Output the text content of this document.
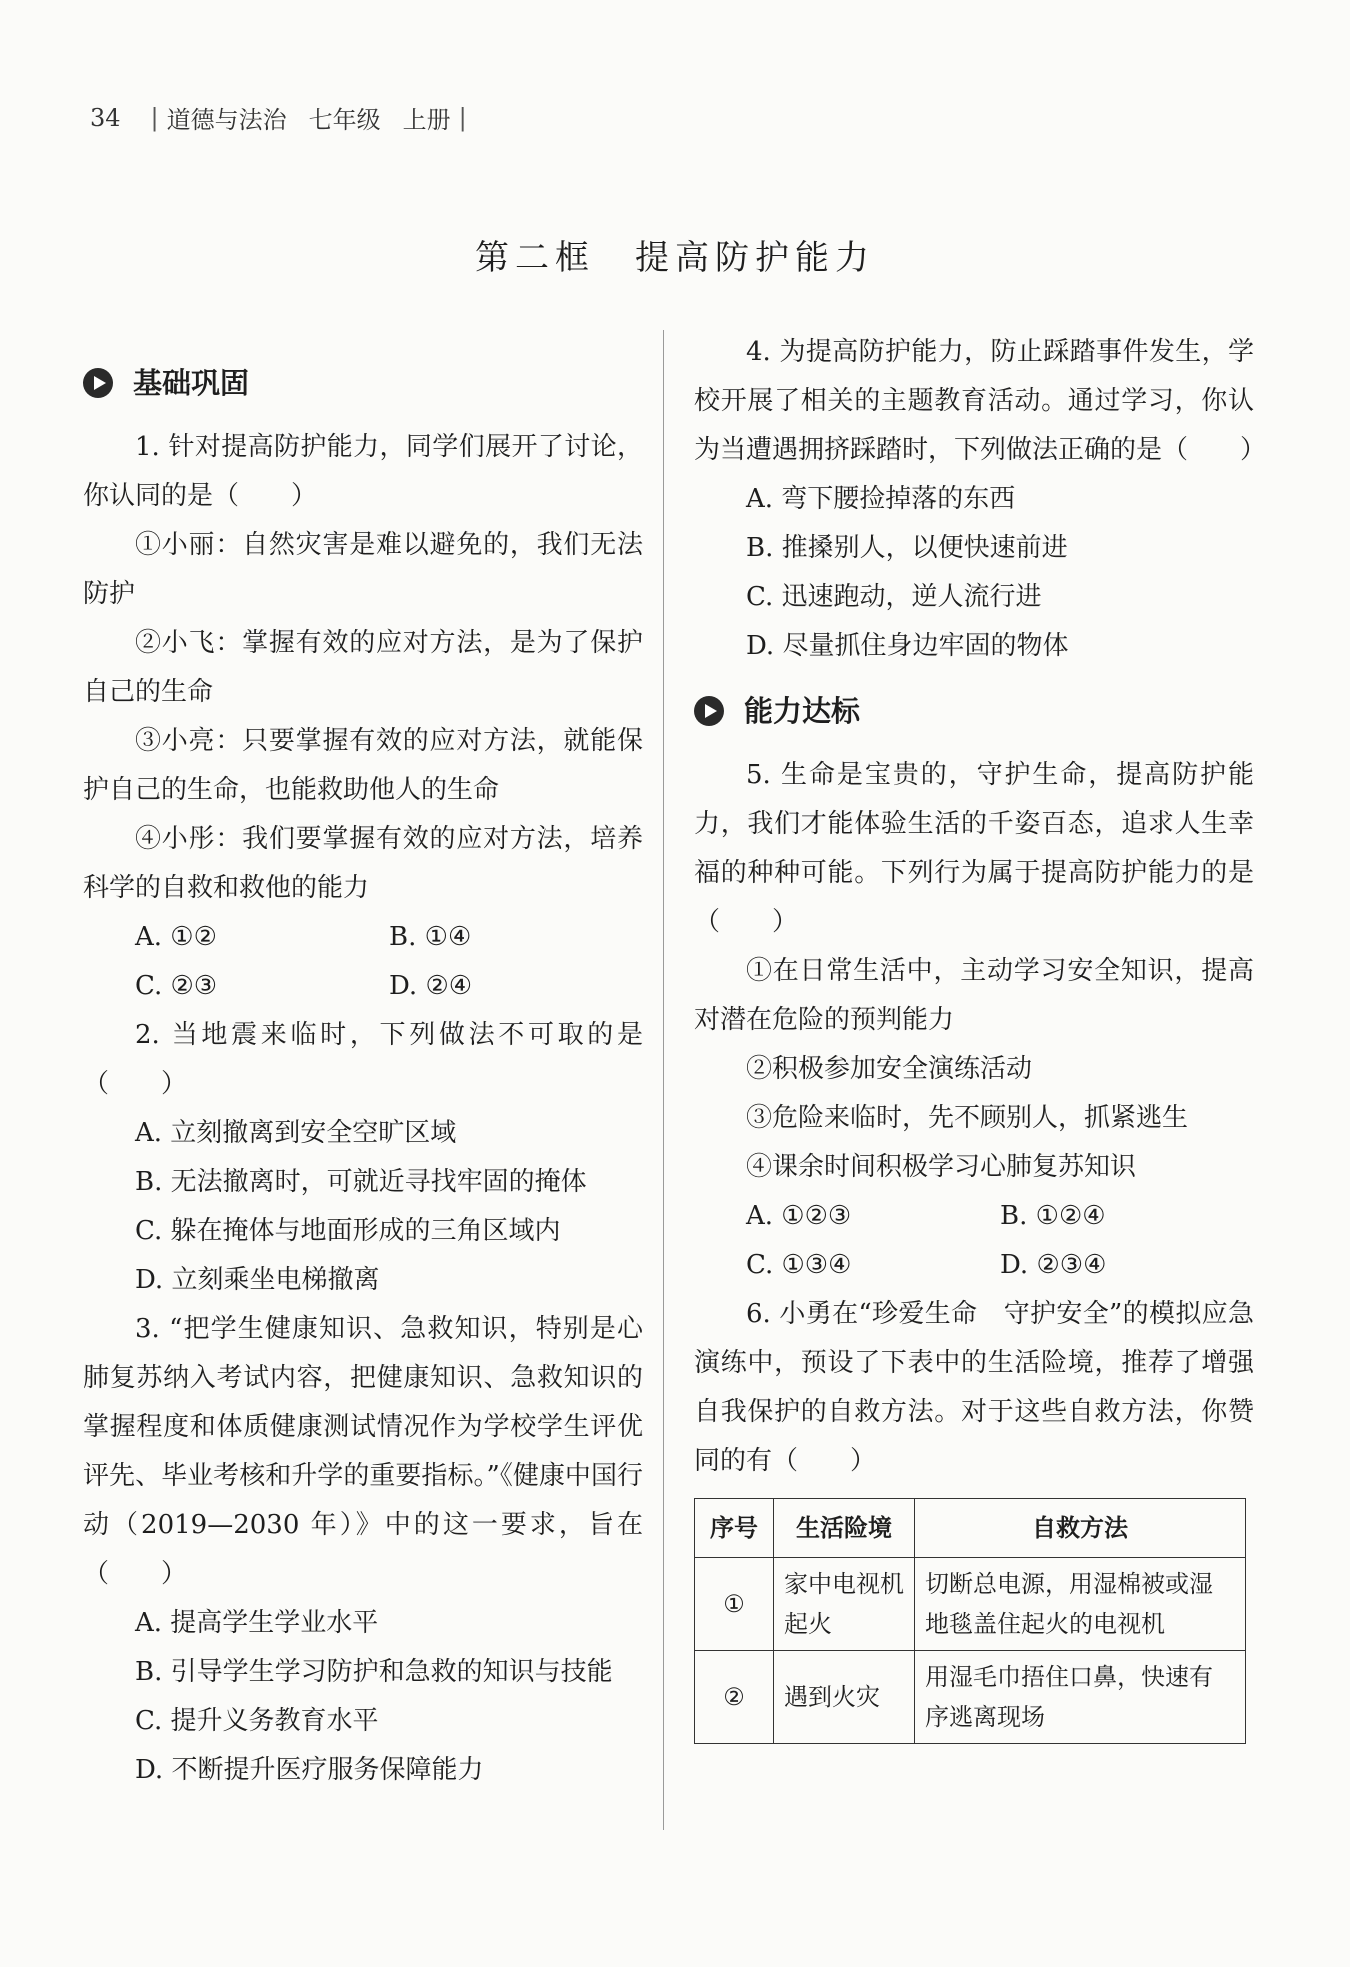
34 | 道德与法治 七年级 上册 |
第二框　提高防护能力
基础巩固

1. 针对提高防护能力，同学们展开了讨论，你认同的是（　　）

①小丽：自然灾害是难以避免的，我们无法防护

②小飞：掌握有效的应对方法，是为了保护自己的生命

③小亮：只要掌握有效的应对方法，就能保护自己的生命，也能救助他人的生命

④小彤：我们要掌握有效的应对方法，培养科学的自救和救他的能力

A. ①②	B. ①④
C. ②③	D. ②④

2. 当地震来临时，下列做法不可取的是（　　）

A. 立刻撤离到安全空旷区域

B. 无法撤离时，可就近寻找牢固的掩体

C. 躲在掩体与地面形成的三角区域内

D. 立刻乘坐电梯撤离

3. “把学生健康知识、急救知识，特别是心肺复苏纳入考试内容，把健康知识、急救知识的掌握程度和体质健康测试情况作为学校学生评优评先、毕业考核和升学的重要指标。”《健康中国行动（2019—2030 年）》中的这一要求，旨在（　　）

A. 提高学生学业水平

B. 引导学生学习防护和急救的知识与技能

C. 提升义务教育水平

D. 不断提升医疗服务保障能力

4. 为提高防护能力，防止踩踏事件发生，学校开展了相关的主题教育活动。通过学习，你认为当遭遇拥挤踩踏时，下列做法正确的是（　　）

A. 弯下腰捡掉落的东西

B. 推搡别人，以便快速前进

C. 迅速跑动，逆人流行进

D. 尽量抓住身边牢固的物体

能力达标

5. 生命是宝贵的，守护生命，提高防护能力，我们才能体验生活的千姿百态，追求人生幸福的种种可能。下列行为属于提高防护能力的是（　　）

①在日常生活中，主动学习安全知识，提高对潜在危险的预判能力

②积极参加安全演练活动

③危险来临时，先不顾别人，抓紧逃生

④课余时间积极学习心肺复苏知识

A. ①②③	B. ①②④
C. ①③④	D. ②③④

6. 小勇在“珍爱生命　守护安全”的模拟应急演练中，预设了下表中的生活险境，推荐了增强自我保护的自救方法。对于这些自救方法，你赞同的有（　　）

序号	生活险境	自救方法
①	家中电视机起火	切断总电源，用湿棉被或湿地毯盖住起火的电视机
②	遇到火灾	用湿毛巾捂住口鼻，快速有序逃离现场
